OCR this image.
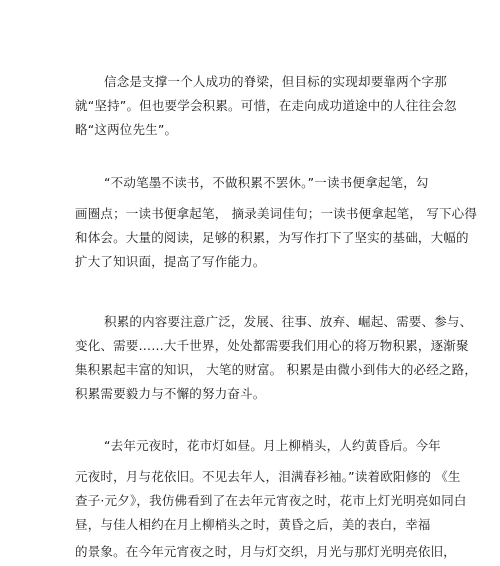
信念是支撑一个人成功的脊梁，但目标的实现却要靠两个字那
就“坚持”。但也要学会积累。可惜，在走向成功道途中的人往往会忽
略“这两位先生”。
“不动笔墨不读书，不做积累不罢休。”一读书便拿起笔，勾
画圈点；一读书便拿起笔， 摘录美词佳句；一读书便拿起笔， 写下心得
和体会。大量的阅读，足够的积累，为写作打下了坚实的基础，大幅的
扩大了知识面，提高了写作能力。
积累的内容要注意广泛，发展、往事、放弃、崛起、需要、参与、
变化、需要……大千世界，处处都需要我们用心的将万物积累，逐渐聚
集积累起丰富的知识， 大笔的财富。 积累是由微小到伟大的必经之路，
积累需要毅力与不懈的努力奋斗。
“去年元夜时，花市灯如昼。月上柳梢头，人约黄昏后。今年
元夜时，月与花依旧。不见去年人，泪满春衫袖。”读着欧阳修的 《生
查子·元夕》，我仿佛看到了在去年元宵夜之时，花市上灯光明亮如同白
昼，与佳人相约在月上柳梢头之时，黄昏之后，美的表白，幸福
的景象。在今年元宵夜之时，月与灯交织，月光与那灯光明亮依旧，
